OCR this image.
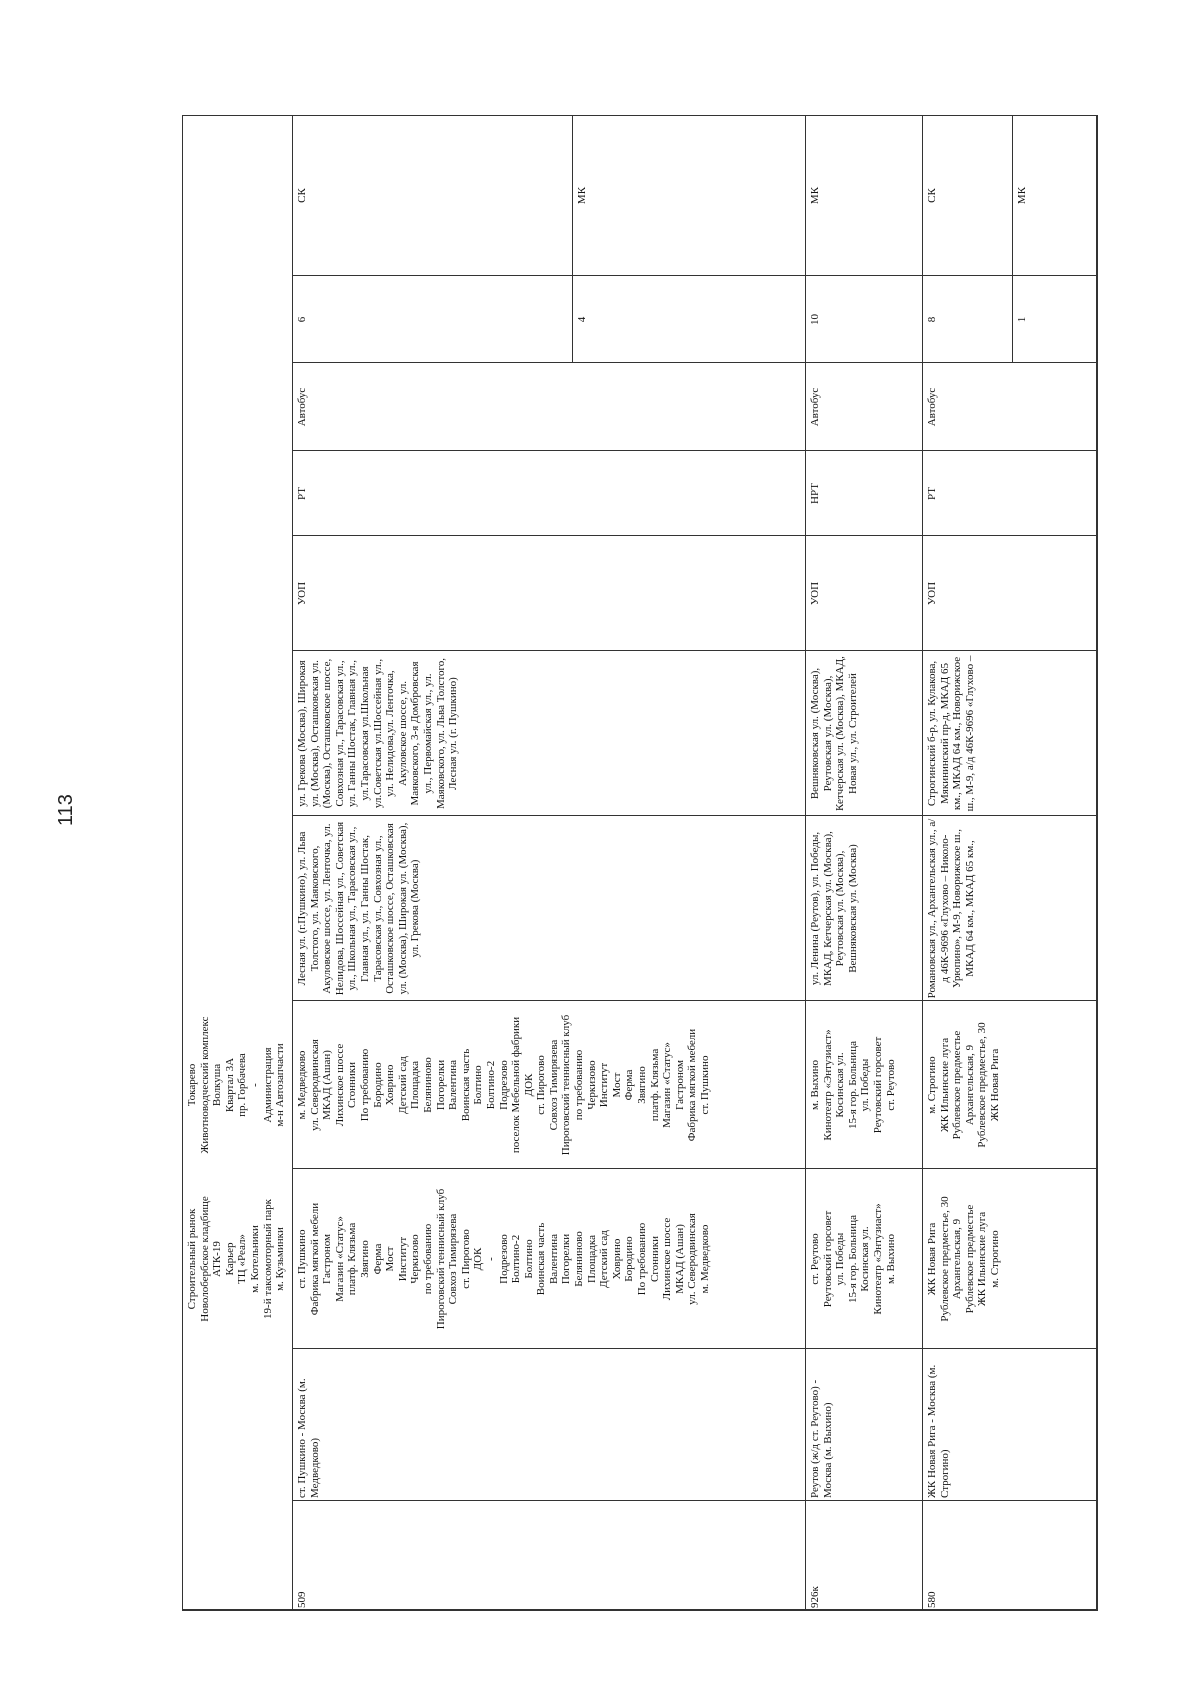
113
Строительный рынок Новолобербское кладбище АТК-19 Карьер ТЦ «Реал» м. Котельники 19-й таксомоторный парк м. Кузьминки
Токарево Животноводческий комплекс Волкуша Квартал 3А пр. Горбачева - Администрация м-н Автозапчасти
509
ст. Пушкино - Москва (м. Медведково)
ст. Пушкино Фабрика мягкой мебели Гастроном Магазин «Статус» платф. Клязьма Звягино Ферма Мост Институт Черкизово по требованию Пироговский теннисный клуб Совхоз Тимирязева ст. Пирогово ДОК - Подрезово Болтино-2 Болтино Воинская часть Валентина Погорелки Беляниново Площадка Детский сад Ховрино Бородино По требованию Сгонники Лихинское шоссе МКАД (Ашан) ул. Северодвинская м. Медведково
м. Медведково ул. Северодвинская МКАД (Ашан) Лихинское шоссе Сгонники По требованию Бородино Ховрино Детский сад Площадка Беляниново Погорелки Валентина Воинская часть Болтино Болтино-2 Подрезово поселок Мебельной фабрики ДОК ст. Пирогово Совхоз Тимирязева Пироговский теннисный клуб по требованию Черкизово Институт Мост Ферма Звягино платф. Клязьма Магазин «Статус» Гастроном Фабрика мягкой мебели ст. Пушкино
Лесная ул. (г.Пушкино), ул. Льва Толстого, ул. Маяковского, Акуловское шоссе, ул. Ленточка, ул. Нелидова, Шоссейная ул., Советская ул., Школьная ул., Тарасовская ул., Главная ул., ул. Ганны Шостак, Тарасовская ул., Совхозная ул., Осташковское шоссе, Осташковская ул. (Москва), Широкая ул. (Москва), ул. Грекова (Москва)
ул. Грекова (Москва), Широкая ул. (Москва), Осташковская ул. (Москва), Осташковское шоссе, Совхозная ул., Тарасовская ул., ул. Ганны Шостак, Главная ул., ул.Тарасовская ул.Школьная ул.Советская ул.Шоссейная ул., ул. Нелидова,ул. Ленточка, Акуловское шоссе, ул. Маяковского, 3-я Домбровская ул., Первомайская ул., ул. Маяковского, ул. Льва Толстого, Лесная ул. (г. Пушкино)
УОП
РТ
Автобус
4
6
МК
СК
926к
Реутов (ж/д ст. Реутово) - Москва (м. Выхино)
ст. Реутово Реутовский горсовет ул. Победы 15-я гор. Больница Косинская ул. Кинотеатр «Энтузиаст» м. Выхино
м. Выхино Кинотеатр «Энтузиаст» Косинская ул. 15-я гор. Больница ул. Победы Реутовский горсовет ст. Реутово
ул. Ленина (Реутов), ул. Победы, МКАД, Кетчерская ул. (Москва), Реутовская ул. (Москва), Вешняковская ул. (Москва)
Вешняковская ул. (Москва), Реутовская ул. (Москва), Кетчерская ул. (Москва), МКАД, Новая ул., ул. Строителей
УОП
НРТ
Автобус
10
МК
580
ЖК Новая Рига - Москва (м. Строгино)
ЖК Новая Рига Рублевское предместье, 30 Архангельская, 9 Рублевское предместье ЖК Ильинские луга м. Строгино
м. Строгино ЖК Ильинские луга Рублевское предместье Архангельская, 9 Рублевское предместье, 30 ЖК Новая Рига
Романовская ул., Архангельская ул., а/д 46К-9696 «Глухово – Николо-Урюпино», М-9, Новорижское ш., МКАД 64 км., МКАД 65 км.,
Строгинский б-р, ул. Кулакова, Мякининский пр-д, МКАД 65 км., МКАД 64 км., Новорижское ш., М-9, а/д 46К-9696 «Глухово –
УОП
РТ
Автобус
1
8
МК
СК
